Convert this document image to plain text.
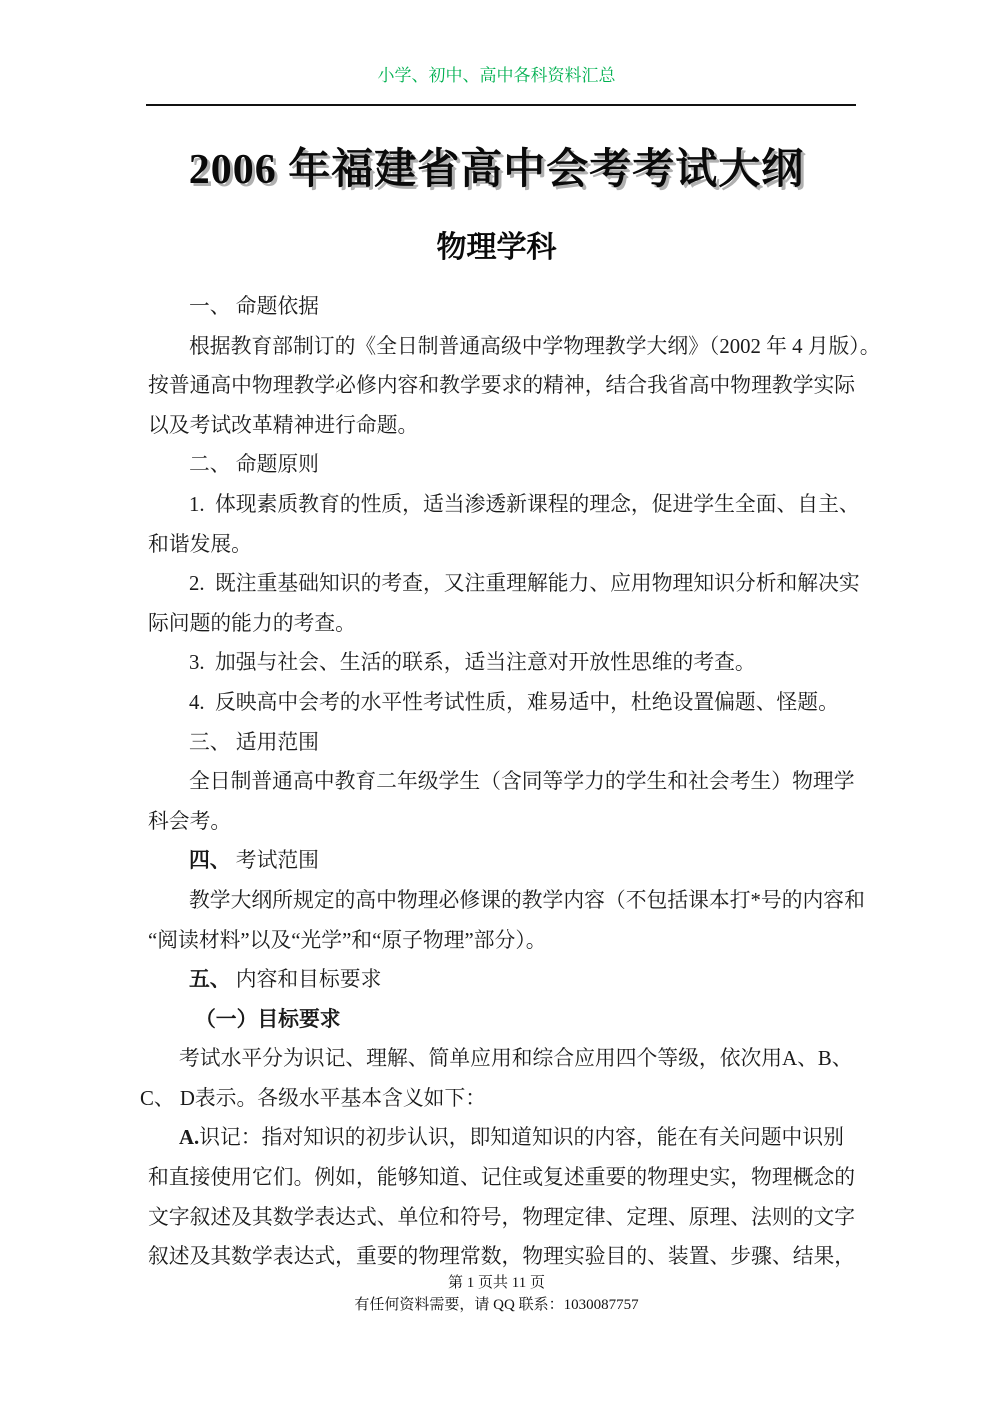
小学、初中、高中各科资料汇总
2006 年福建省高中会考考试大纲
物理学科
一、 命题依据
根据教育部制订的《全日制普通高级中学物理教学大纲》（2002 年 4 月版）。
按普通高中物理教学必修内容和教学要求的精神，结合我省高中物理教学实际
以及考试改革精神进行命题。
二、 命题原则
1.  体现素质教育的性质，适当渗透新课程的理念，促进学生全面、自主、
和谐发展。
2.  既注重基础知识的考查，又注重理解能力、应用物理知识分析和解决实
际问题的能力的考查。
3.  加强与社会、生活的联系，适当注意对开放性思维的考查。
4.  反映高中会考的水平性考试性质，难易适中，杜绝设置偏题、怪题。
三、 适用范围
全日制普通高中教育二年级学生（含同等学力的学生和社会考生）物理学
科会考。
四、 考试范围
教学大纲所规定的高中物理必修课的教学内容（不包括课本打*号的内容和
“阅读材料”以及“光学”和“原子物理”部分）。
五、 内容和目标要求
（一）目标要求
考试水平分为识记、理解、简单应用和综合应用四个等级，依次用A、B、
C、 D表示。各级水平基本含义如下：
A.识记：指对知识的初步认识，即知道知识的内容，能在有关问题中识别
和直接使用它们。例如，能够知道、记住或复述重要的物理史实，物理概念的
文字叙述及其数学表达式、单位和符号，物理定律、定理、原理、法则的文字
叙述及其数学表达式，重要的物理常数，物理实验目的、装置、步骤、结果，
第 1 页共 11 页
有任何资料需要，请 QQ 联系：1030087757
